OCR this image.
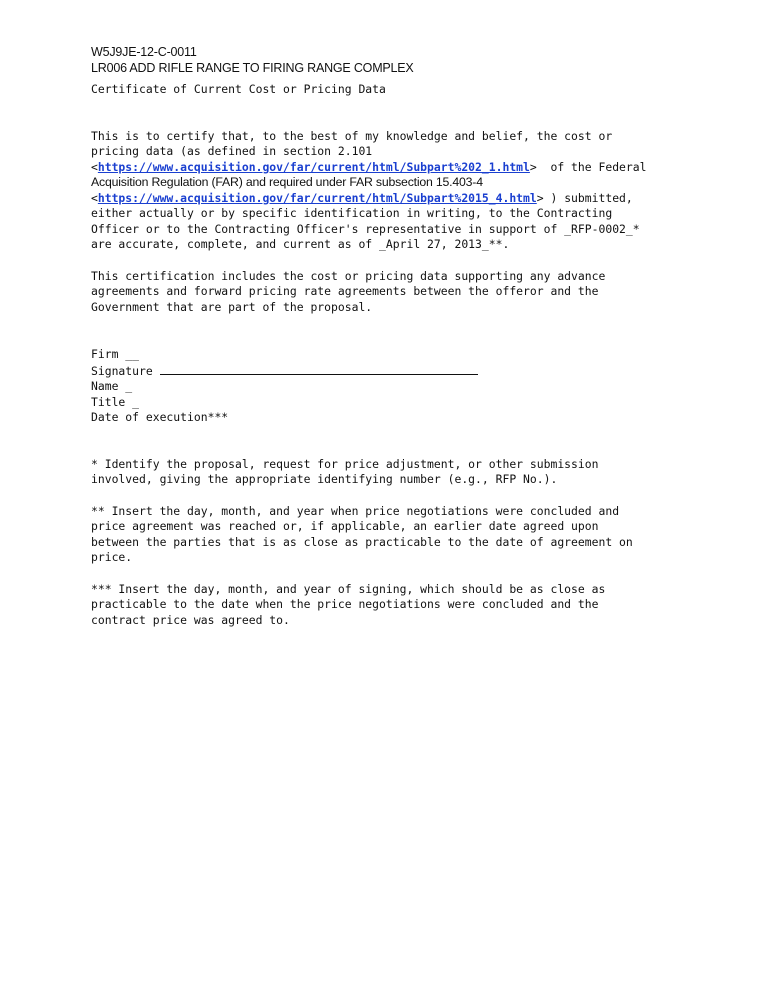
W5J9JE-12-C-0011
LR006 ADD RIFLE RANGE TO FIRING RANGE COMPLEX
Certificate of Current Cost or Pricing Data
This is to certify that, to the best of my knowledge and belief, the cost or
pricing data (as defined in section 2.101
<https://www.acquisition.gov/far/current/html/Subpart%202_1.html>  of the Federal
Acquisition Regulation (FAR) and required under FAR subsection 15.403-4
<https://www.acquisition.gov/far/current/html/Subpart%2015_4.html> ) submitted,
either actually or by specific identification in writing, to the Contracting
Officer or to the Contracting Officer's representative in support of _RFP-0002_*
are accurate, complete, and current as of _April 27, 2013_**.
This certification includes the cost or pricing data supporting any advance
agreements and forward pricing rate agreements between the offeror and the
Government that are part of the proposal.
Firm __
Signature
Name _
Title _
Date of execution***
* Identify the proposal, request for price adjustment, or other submission
involved, giving the appropriate identifying number (e.g., RFP No.).
** Insert the day, month, and year when price negotiations were concluded and
price agreement was reached or, if applicable, an earlier date agreed upon
between the parties that is as close as practicable to the date of agreement on
price.
*** Insert the day, month, and year of signing, which should be as close as
practicable to the date when the price negotiations were concluded and the
contract price was agreed to.
